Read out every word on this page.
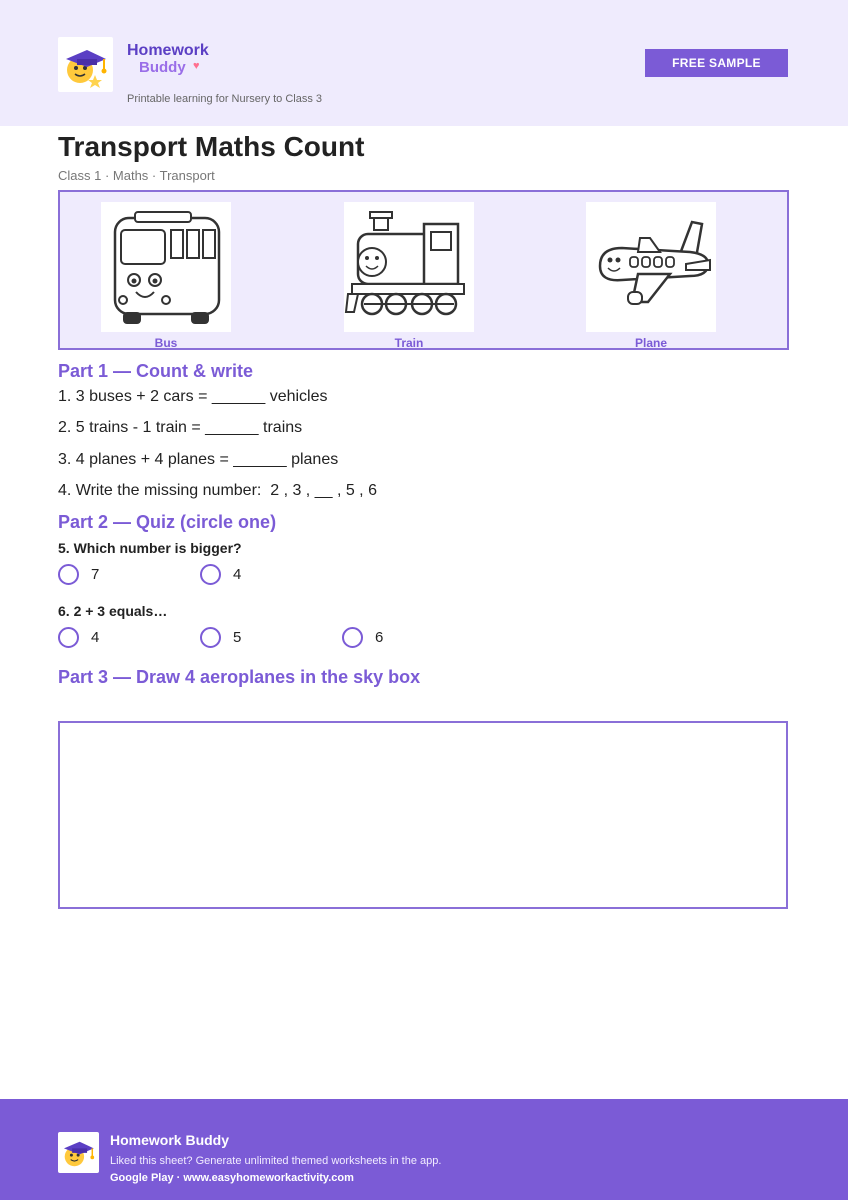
Homework
Buddy ♥
Printable learning for Nursery to Class 3
FREE SAMPLE
Transport Maths Count
Class 1 · Maths · Transport
Bus	Train	Plane
Part 1 — Count & write
1. 3 buses + 2 cars = ______ vehicles
2. 5 trains - 1 train = ______ trains
3. 4 planes + 4 planes = ______ planes
4. Write the missing number:  2 , 3 , __ , 5 , 6
Part 2 — Quiz (circle one)
5. Which number is bigger?
7	4
6. 2 + 3 equals…
4	5	6
Part 3 — Draw 4 aeroplanes in the sky box
Homework Buddy
Liked this sheet? Generate unlimited themed worksheets in the app.
Google Play · www.easyhomeworkactivity.com
